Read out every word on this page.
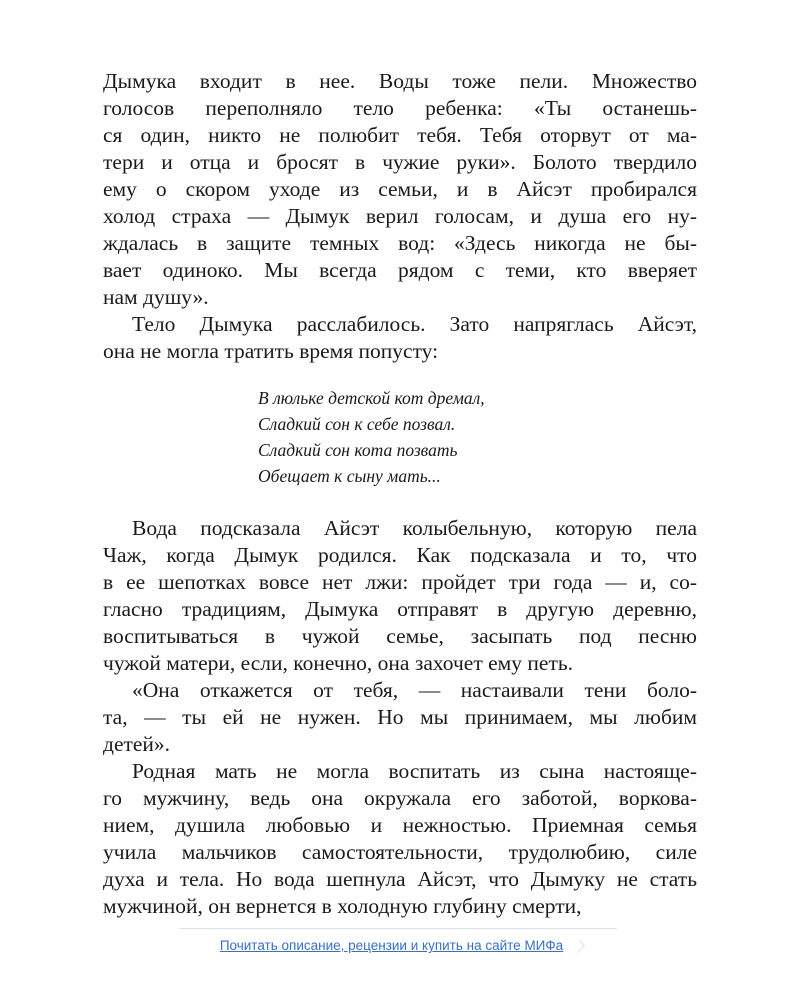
Дымука входит в нее. Воды тоже пели. Множество
голосов переполняло тело ребенка: «Ты останешь-
ся один, никто не полюбит тебя. Тебя оторвут от ма-
тери и отца и бросят в чужие руки». Болото твердило
ему о скором уходе из семьи, и в Айсэт пробирался
холод страха — Дымук верил голосам, и душа его ну-
ждалась в защите темных вод: «Здесь никогда не бы-
вает одиноко. Мы всегда рядом с теми, кто вверяет
нам душу».

Тело Дымука расслабилось. Зато напряглась Айсэт,
она не могла тратить время попусту:

В люльке детской кот дремал,
Сладкий сон к себе позвал.
Сладкий сон кота позвать
Обещает к сыну мать...

Вода подсказала Айсэт колыбельную, которую пела
Чаж, когда Дымук родился. Как подсказала и то, что
в ее шепотках вовсе нет лжи: пройдет три года — и, со-
гласно традициям, Дымука отправят в другую деревню,
воспитываться в чужой семье, засыпать под песню
чужой матери, если, конечно, она захочет ему петь.

«Она откажется от тебя, — настаивали тени боло-
та, — ты ей не нужен. Но мы принимаем, мы любим
детей».

Родная мать не могла воспитать из сына настояще-
го мужчину, ведь она окружала его заботой, воркова-
нием, душила любовью и нежностью. Приемная семья
учила мальчиков самостоятельности, трудолюбию, силе
духа и тела. Но вода шепнула Айсэт, что Дымуку не стать
мужчиной, он вернется в холодную глубину смерти,

Почитать описание, рецензии и купить на сайте МИФа
